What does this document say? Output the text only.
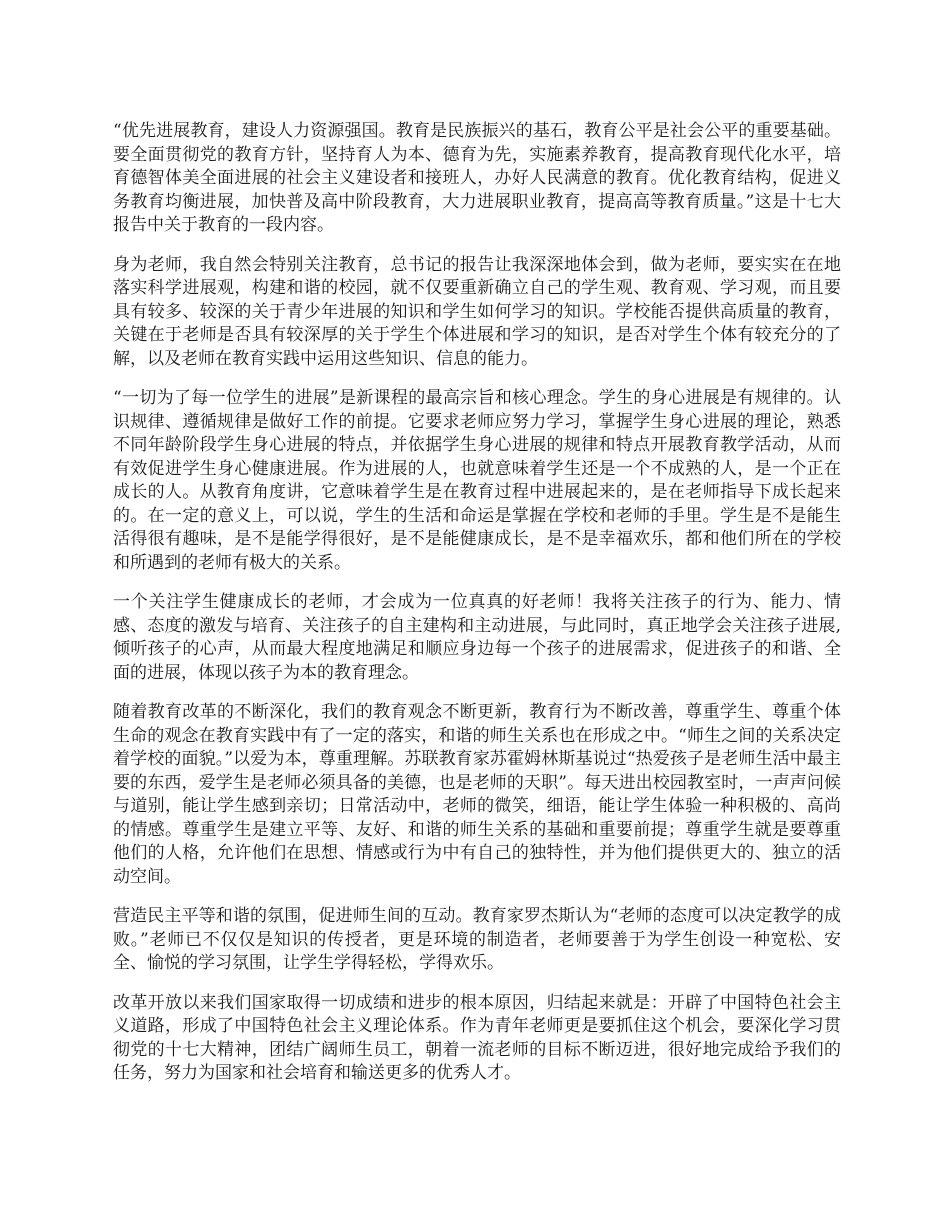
“优先进展教育，建设人力资源强国。教育是民族振兴的基石，教育公平是社会公平的重要基础。要全面贯彻党的教育方针，坚持育人为本、德育为先，实施素养教育，提高教育现代化水平，培育德智体美全面进展的社会主义建设者和接班人，办好人民满意的教育。优化教育结构，促进义务教育均衡进展，加快普及高中阶段教育，大力进展职业教育，提高高等教育质量。”这是十七大报告中关于教育的一段内容。

身为老师，我自然会特别关注教育，总书记的报告让我深深地体会到，做为老师，要实实在在地落实科学进展观，构建和谐的校园，就不仅要重新确立自己的学生观、教育观、学习观，而且要具有较多、较深的关于青少年进展的知识和学生如何学习的知识。学校能否提供高质量的教育，关键在于老师是否具有较深厚的关于学生个体进展和学习的知识，是否对学生个体有较充分的了解，以及老师在教育实践中运用这些知识、信息的能力。

“一切为了每一位学生的进展”是新课程的最高宗旨和核心理念。学生的身心进展是有规律的。认识规律、遵循规律是做好工作的前提。它要求老师应努力学习，掌握学生身心进展的理论，熟悉不同年龄阶段学生身心进展的特点，并依据学生身心进展的规律和特点开展教育教学活动，从而有效促进学生身心健康进展。作为进展的人，也就意味着学生还是一个不成熟的人，是一个正在成长的人。从教育角度讲，它意味着学生是在教育过程中进展起来的，是在老师指导下成长起来的。在一定的意义上，可以说，学生的生活和命运是掌握在学校和老师的手里。学生是不是能生活得很有趣味，是不是能学得很好，是不是能健康成长，是不是幸福欢乐，都和他们所在的学校和所遇到的老师有极大的关系。

一个关注学生健康成长的老师，才会成为一位真真的好老师！我将关注孩子的行为、能力、情感、态度的激发与培育、关注孩子的自主建构和主动进展，与此同时，真正地学会关注孩子进展,倾听孩子的心声，从而最大程度地满足和顺应身边每一个孩子的进展需求，促进孩子的和谐、全面的进展，体现以孩子为本的教育理念。

随着教育改革的不断深化，我们的教育观念不断更新，教育行为不断改善，尊重学生、尊重个体生命的观念在教育实践中有了一定的落实，和谐的师生关系也在形成之中。“师生之间的关系决定着学校的面貌。”以爱为本，尊重理解。苏联教育家苏霍姆林斯基说过“热爱孩子是老师生活中最主要的东西，爱学生是老师必须具备的美德，也是老师的天职”。每天进出校园教室时，一声声问候与道别，能让学生感到亲切；日常活动中，老师的微笑，细语，能让学生体验一种积极的、高尚的情感。尊重学生是建立平等、友好、和谐的师生关系的基础和重要前提；尊重学生就是要尊重他们的人格，允许他们在思想、情感或行为中有自己的独特性，并为他们提供更大的、独立的活动空间。

营造民主平等和谐的氛围，促进师生间的互动。教育家罗杰斯认为“老师的态度可以决定教学的成败。”老师已不仅仅是知识的传授者，更是环境的制造者，老师要善于为学生创设一种宽松、安全、愉悦的学习氛围，让学生学得轻松，学得欢乐。

改革开放以来我们国家取得一切成绩和进步的根本原因，归结起来就是：开辟了中国特色社会主义道路，形成了中国特色社会主义理论体系。作为青年老师更是要抓住这个机会，要深化学习贯彻党的十七大精神，团结广阔师生员工，朝着一流老师的目标不断迈进，很好地完成给予我们的任务，努力为国家和社会培育和输送更多的优秀人才。
